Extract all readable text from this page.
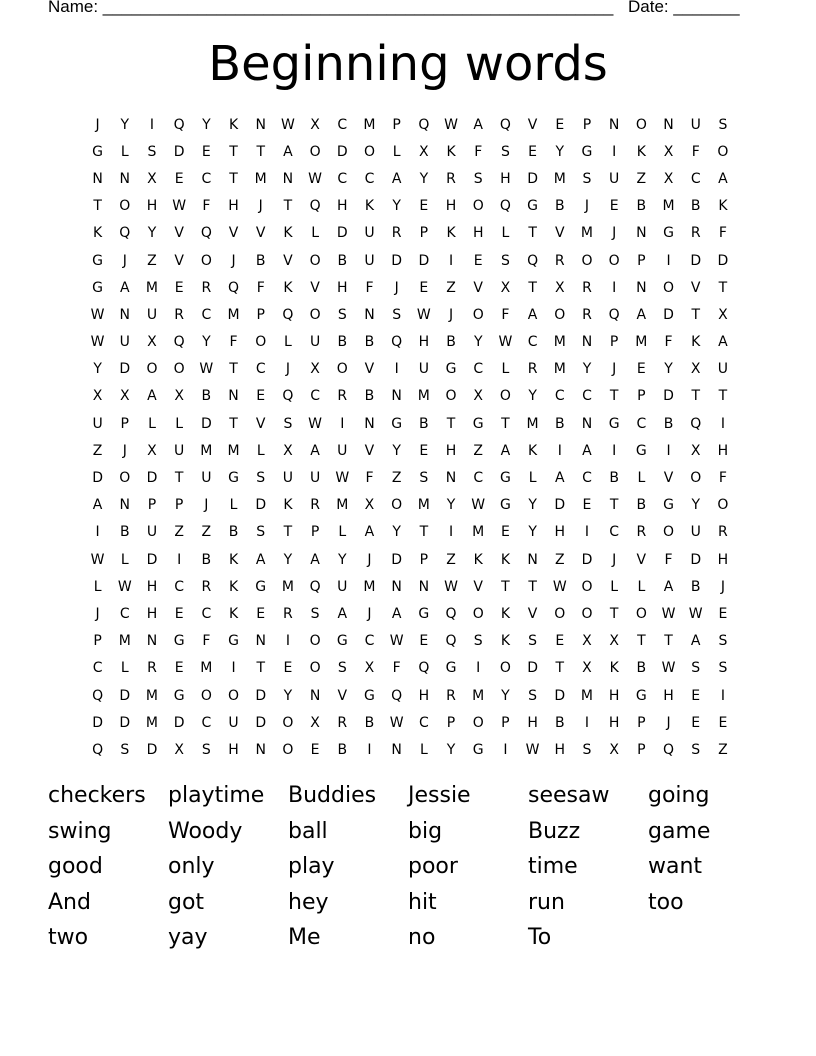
Name: ______________________________________________________ Date: _______
Beginning words
J	Y	I	Q	Y	K	N	W	X	C	M	P	Q	W	A	Q	V	E	P	N	O	N	U	S
G	L	S	D	E	T	T	A	O	D	O	L	X	K	F	S	E	Y	G	I	K	X	F	O
N	N	X	E	C	T	M	N	W	C	C	A	Y	R	S	H	D	M	S	U	Z	X	C	A
T	O	H	W	F	H	J	T	Q	H	K	Y	E	H	O	Q	G	B	J	E	B	M	B	K
K	Q	Y	V	Q	V	V	K	L	D	U	R	P	K	H	L	T	V	M	J	N	G	R	F
G	J	Z	V	O	J	B	V	O	B	U	D	D	I	E	S	Q	R	O	O	P	I	D	D
G	A	M	E	R	Q	F	K	V	H	F	J	E	Z	V	X	T	X	R	I	N	O	V	T
W	N	U	R	C	M	P	Q	O	S	N	S	W	J	O	F	A	O	R	Q	A	D	T	X
W	U	X	Q	Y	F	O	L	U	B	B	Q	H	B	Y	W	C	M	N	P	M	F	K	A
Y	D	O	O	W	T	C	J	X	O	V	I	U	G	C	L	R	M	Y	J	E	Y	X	U
X	X	A	X	B	N	E	Q	C	R	B	N	M	O	X	O	Y	C	C	T	P	D	T	T
U	P	L	L	D	T	V	S	W	I	N	G	B	T	G	T	M	B	N	G	C	B	Q	I
Z	J	X	U	M	M	L	X	A	U	V	Y	E	H	Z	A	K	I	A	I	G	I	X	H
D	O	D	T	U	G	S	U	U	W	F	Z	S	N	C	G	L	A	C	B	L	V	O	F
A	N	P	P	J	L	D	K	R	M	X	O	M	Y	W	G	Y	D	E	T	B	G	Y	O
I	B	U	Z	Z	B	S	T	P	L	A	Y	T	I	M	E	Y	H	I	C	R	O	U	R
W	L	D	I	B	K	A	Y	A	Y	J	D	P	Z	K	K	N	Z	D	J	V	F	D	H
L	W	H	C	R	K	G	M	Q	U	M	N	N	W	V	T	T	W	O	L	L	A	B	J
J	C	H	E	C	K	E	R	S	A	J	A	G	Q	O	K	V	O	O	T	O	W W	E
P	M	N	G	F	G	N	I	O	G	C	W	E	Q	S	K	S	E	X	X	T	T	A	S
C	L	R	E	M	I	T	E	O	S	X	F	Q	G	I	O	D	T	X	K	B	W	S	S
Q	D	M	G	O	O	D	Y	N	V	G	Q	H	R	M	Y	S	D	M	H	G	H	E	I
D	D	M	D	C	U	D	O	X	R	B	W	C	P	O	P	H	B	I	H	P	J	E	E
Q	S	D	X	S	H	N	O	E	B	I	N	L	Y	G	I	W	H	S	X	P	Q	S	Z
checkers	playtime	Buddies	Jessie	seesaw	going
swing	Woody	ball	big	Buzz	game
good	only	play	poor	time	want
And	got	hey	hit	run	too
two	yay	Me	no	To
